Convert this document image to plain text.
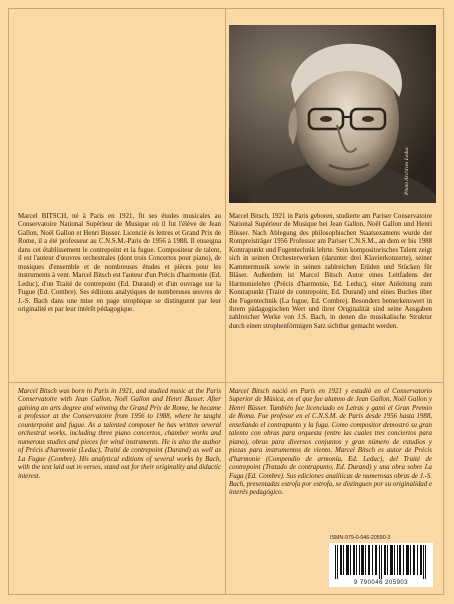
Photo Archives Leduc

Marcel BITSCH, né à Paris en 1921, fit ses études musicales au Conservatoire National Supérieur de Musique où il fut l'élève de Jean Gallon, Noël Gallon et Henri Busser. Licencié ès lettres et Grand Prix de Rome, il a été professeur au C.N.S.M.-Paris de 1956 à 1988. Il enseigna dans cet établissement le contrepoint et la fugue. Compositeur de talent, il est l'auteur d'œuvres orchestrales (dont trois Concertos pour piano), de musiques d'ensemble et de nombreuses études et pièces pour les instruments à vent. Marcel Bitsch est l'auteur d'un Précis d'harmonie (Ed. Leduc), d'un Traité de contrepoint (Ed. Durand) et d'un ouvrage sur la Fugue (Ed. Combre). Ses éditions analytiques de nombreuses œuvres de J.-S. Bach dans une mise en page strophique se distinguent par leur originalité et par leur intérêt pédagogique.

Marcel Bitsch, 1921 in Paris geboren, studierte am Pariser Conservatoire National Supérieur de Musique bei Jean Gallon, Noël Gallon und Henri Büsser. Nach Ablegung des philosophischen Staatsexamens wurde der Rompreisträger 1956 Professor am Pariser C.N.S.M., an dem er bis 1988 Kontrapunkt und Fugentechnik lehrte. Sein kompositorisches Talent zeigt sich in seinen Orchesterwerken (darunter drei Klavierkonzerte), seiner Kammermusik sowie in seinen zahlreichen Etüden und Stücken für Bläser. Außerdem ist Marcel Bitsch Autor eines Leitfadens der Harmonielehre (Précis d'harmonie, Ed. Leduc), einer Anleitung zum Kontrapunkt (Traité de contrepoint, Ed. Durand) und eines Buches über die Fugentechnik (La fugue, Ed. Combre). Besonders bemerkenswert in ihrem pädagogischen Wert und ihrer Originalität sind seine Ausgaben zahlreicher Werke von J.S. Bach, in denen die musikalische Struktur durch einen strophenförmigen Satz sichtbar gemacht werden.

Marcel Bitsch was born in Paris in 1921, and studied music at the Paris Conservatoire with Jean Gallon, Noël Gallon and Henri Busser. After gaining an arts degree and winning the Grand Prix de Rome, he became a professor at the Conservatoire from 1956 to 1988, where he taught counterpoint and fugue. As a talented composer he has written several orchestral works, including three piano concertos, chamber works and numerous studies and pieces for wind instruments. He is also the author of Précis d'harmonie (Leduc), Traité de contrepoint (Durand) as well as La Fugue (Combre). His analytical editions of several works by Bach, with the text laid out in verses, stand out for their originality and didactic interest.

Marcel Bitsch nació en París en 1921 y estudió en el Conservatorio Superior de Música, en el que fue alumno de Jean Gallon, Noël Gallon y Henri Büsser. También fue licenciado en Letras y ganó el Gran Premio de Roma. Fue profesor en el C.N.S.M. de París desde 1956 hasta 1988, enseñando el contrapunto y la fuga. Como compositor demostró su gran talento con obras para orquesta (entre las cuales tres conciertos para piano), obras para diversos conjuntos y gran número de estudios y piezas para instrumentos de viento. Marcel Bitsch es autor de Précis d'harmonie (Compendio de armonía, Ed. Leduc), del Traité de contrepoint (Tratado de contrapunto, Ed. Durand) y una obra sobre La Fuga (Ed. Combre). Sus ediciones analíticas de numerosas obras de J.-S. Bach, presentadas estrofa por estrofa, se distinguen por su originalidad e interés pedagógico.

ISMN-979-0-046-20590-3
9 790046 205903
